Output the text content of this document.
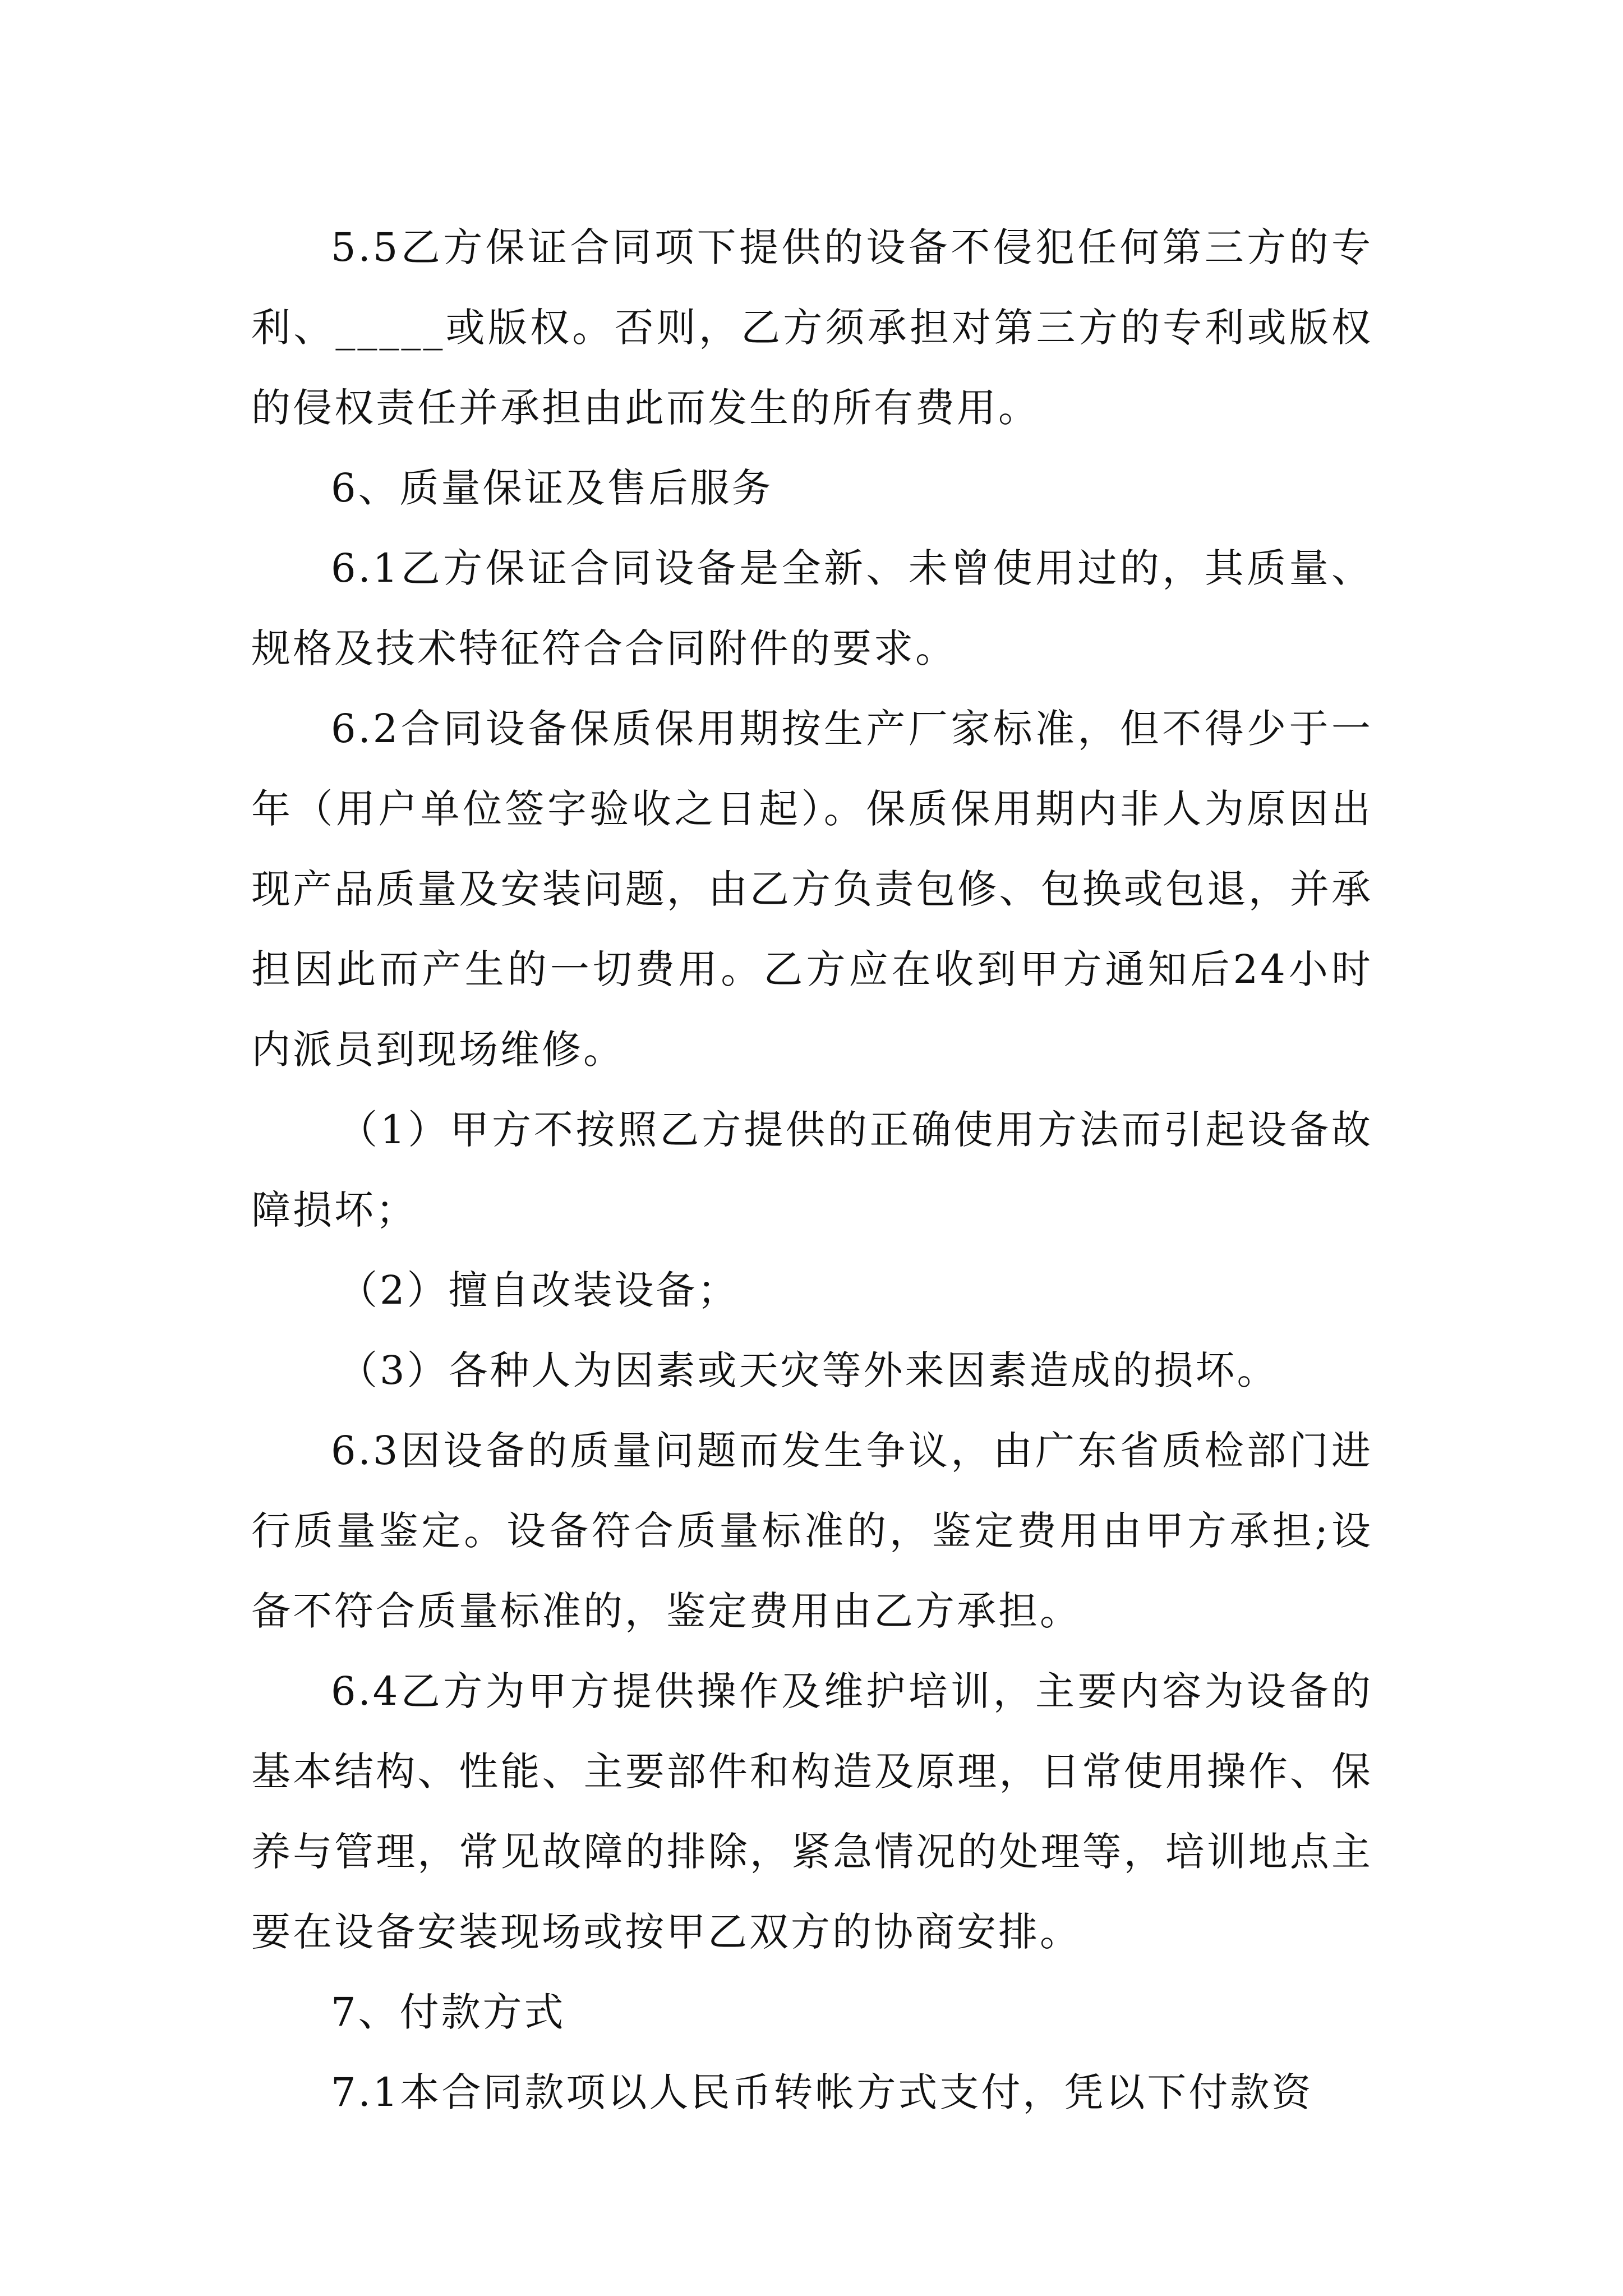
5.5乙方保证合同项下提供的设备不侵犯任何第三方的专利、_____或版权。否则，乙方须承担对第三方的专利或版权的侵权责任并承担由此而发生的所有费用。

6、质量保证及售后服务

6.1乙方保证合同设备是全新、未曾使用过的，其质量、规格及技术特征符合合同附件的要求。

6.2合同设备保质保用期按生产厂家标准，但不得少于一年（用户单位签字验收之日起）。保质保用期内非人为原因出现产品质量及安装问题，由乙方负责包修、包换或包退，并承担因此而产生的一切费用。乙方应在收到甲方通知后24小时内派员到现场维修。

（1）甲方不按照乙方提供的正确使用方法而引起设备故障损坏；

（2）擅自改装设备；

（3）各种人为因素或天灾等外来因素造成的损坏。

6.3因设备的质量问题而发生争议，由广东省质检部门进行质量鉴定。设备符合质量标准的，鉴定费用由甲方承担;设备不符合质量标准的，鉴定费用由乙方承担。

6.4乙方为甲方提供操作及维护培训，主要内容为设备的基本结构、性能、主要部件和构造及原理，日常使用操作、保养与管理，常见故障的排除，紧急情况的处理等，培训地点主要在设备安装现场或按甲乙双方的协商安排。

7、付款方式

7.1本合同款项以人民币转帐方式支付，凭以下付款资
